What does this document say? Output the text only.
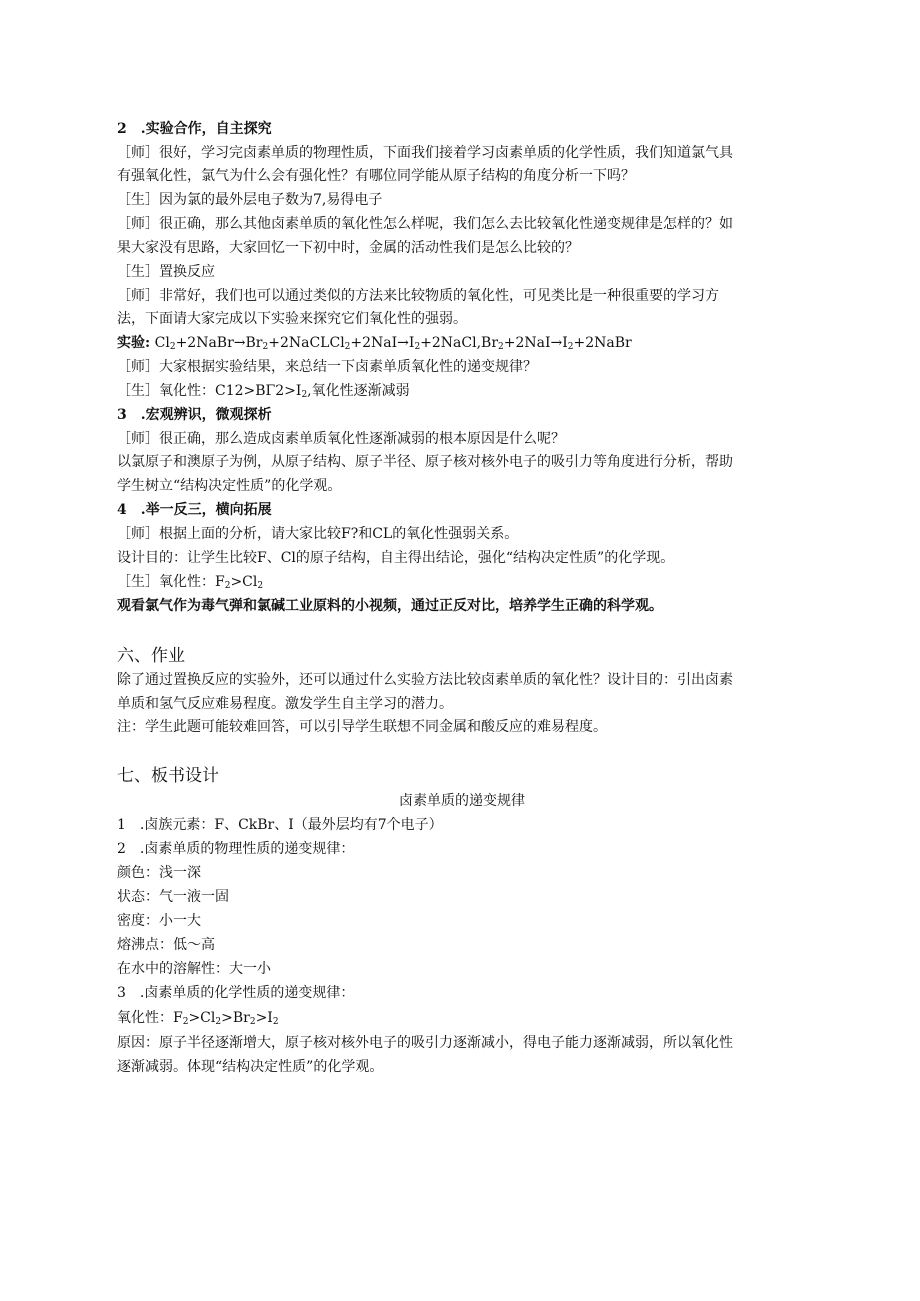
2　.实验合作，自主探究
［师］很好，学习完卤素单质的物理性质，下面我们接着学习卤素单质的化学性质，我们知道氯气具
有强氧化性，氯气为什么会有强化性？有哪位同学能从原子结构的角度分析一下吗？
［生］因为氯的最外层电子数为7,易得电子
［师］很正确，那么其他卤素单质的氧化性怎么样呢，我们怎么去比较氧化性递变规律是怎样的？如
果大家没有思路，大家回忆一下初中时，金属的活动性我们是怎么比较的？
［生］置换反应
［师］非常好，我们也可以通过类似的方法来比较物质的氧化性，可见类比是一种很重要的学习方
法，下面请大家完成以下实验来探究它们氧化性的强弱。
实验: $Cl_2+2NaBr\to Br_2+2NaCLCl_2+2NaI\to I_2+2NaCl,Br_2+2NaI\to I_2+2NaBr$
［师］大家根据实验结果，来总结一下卤素单质氧化性的递变规律？
［生］氧化性：$C12>B\Gamma 2>I_2$,氧化性逐渐减弱
3　.宏观辨识，微观探析
［师］很正确，那么造成卤素单质氧化性逐渐减弱的根本原因是什么呢？
以氯原子和澳原子为例，从原子结构、原子半径、原子核对核外电子的吸引力等角度进行分析，帮助
学生树立“结构决定性质”的化学观。
4　.举一反三，横向拓展
［师］根据上面的分析，请大家比较F?和CL的氧化性强弱关系。
设计目的：让学生比较F、Cl的原子结构，自主得出结论，强化“结构决定性质”的化学现。
［生］氧化性：$F_2>Cl_2$
观看氯气作为毒气弹和氯碱工业原料的小视频，通过正反对比，培养学生正确的科学观。
六、作业
除了通过置换反应的实验外，还可以通过什么实验方法比较卤素单质的氧化性？设计目的：引出卤素
单质和氢气反应难易程度。激发学生自主学习的潜力。
注：学生此题可能较难回答，可以引导学生联想不同金属和酸反应的难易程度。
七、板书设计
卤素单质的递变规律
1　.卤族元素：F、CkBr、I（最外层均有7个电子）
2　.卤素单质的物理性质的递变规律：
颜色：浅一深
状态：气一液一固
密度：小一大
熔沸点：低～高
在水中的溶解性：大一小
3　.卤素单质的化学性质的递变规律：
氧化性：$F_2>Cl_2>Br_2>I_2$
原因：原子半径逐渐增大，原子核对核外电子的吸引力逐渐减小，得电子能力逐渐减弱，所以氧化性
逐渐减弱。体现“结构决定性质”的化学观。
